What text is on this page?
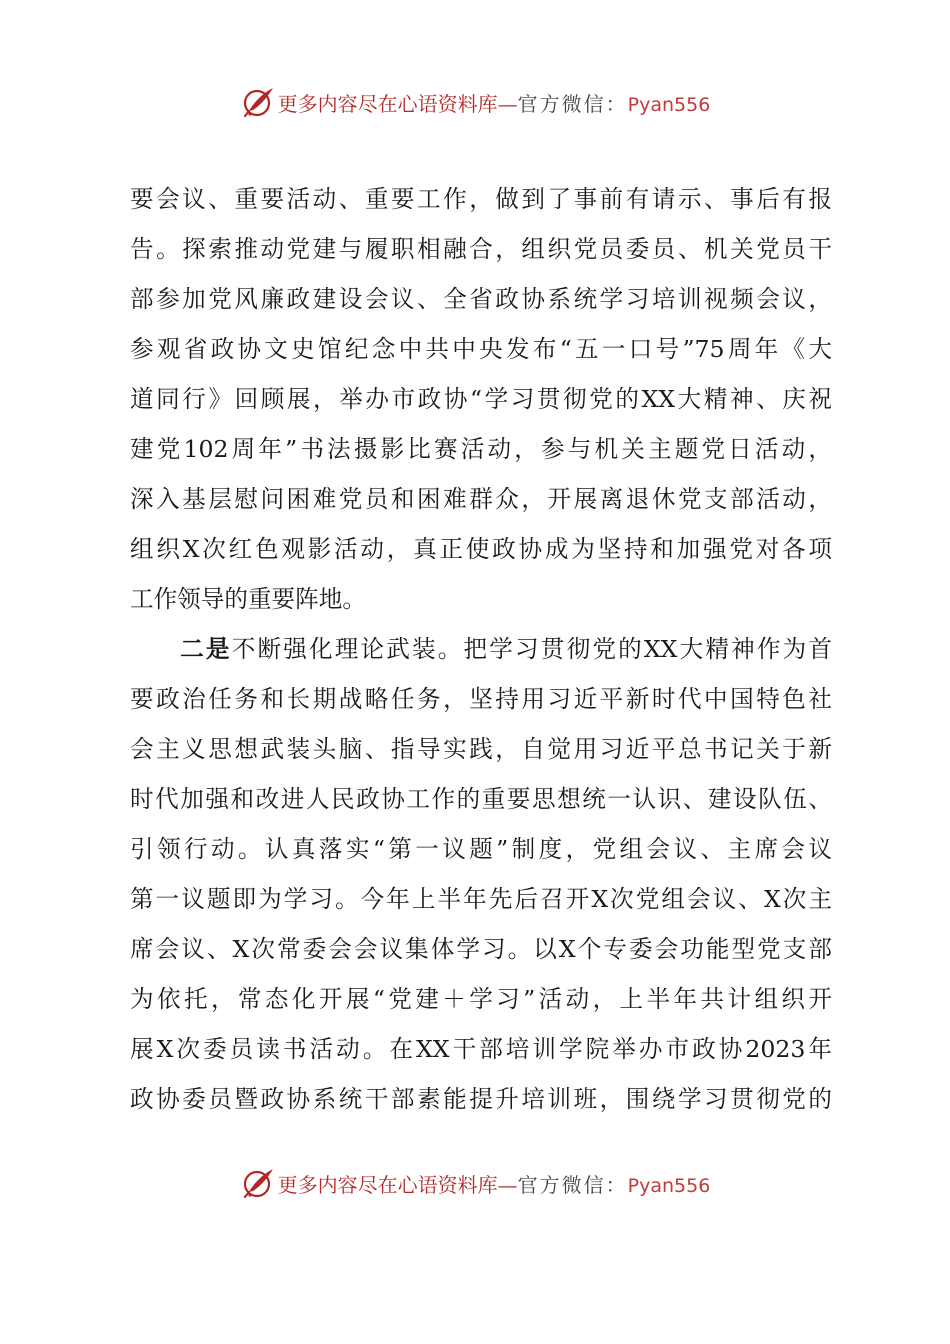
更多内容尽在心语资料库—官方微信：Pyan556
要会议、重要活动、重要工作，做到了事前有请示、事后有报
告。探索推动党建与履职相融合，组织党员委员、机关党员干
部参加党风廉政建设会议、全省政协系统学习培训视频会议，
参观省政协文史馆纪念中共中央发布“五一口号”75周年《大
道同行》回顾展，举办市政协“学习贯彻党的XX大精神、庆祝
建党102周年”书法摄影比赛活动，参与机关主题党日活动，
深入基层慰问困难党员和困难群众，开展离退休党支部活动，
组织X次红色观影活动，真正使政协成为坚持和加强党对各项
工作领导的重要阵地。
二是不断强化理论武装。把学习贯彻党的XX大精神作为首
要政治任务和长期战略任务，坚持用习近平新时代中国特色社
会主义思想武装头脑、指导实践，自觉用习近平总书记关于新
时代加强和改进人民政协工作的重要思想统一认识、建设队伍、
引领行动。认真落实“第一议题”制度，党组会议、主席会议
第一议题即为学习。今年上半年先后召开X次党组会议、X次主
席会议、X次常委会会议集体学习。以X个专委会功能型党支部
为依托，常态化开展“党建＋学习”活动，上半年共计组织开
展X次委员读书活动。在XX干部培训学院举办市政协2023年
政协委员暨政协系统干部素能提升培训班，围绕学习贯彻党的
更多内容尽在心语资料库—官方微信：Pyan556
